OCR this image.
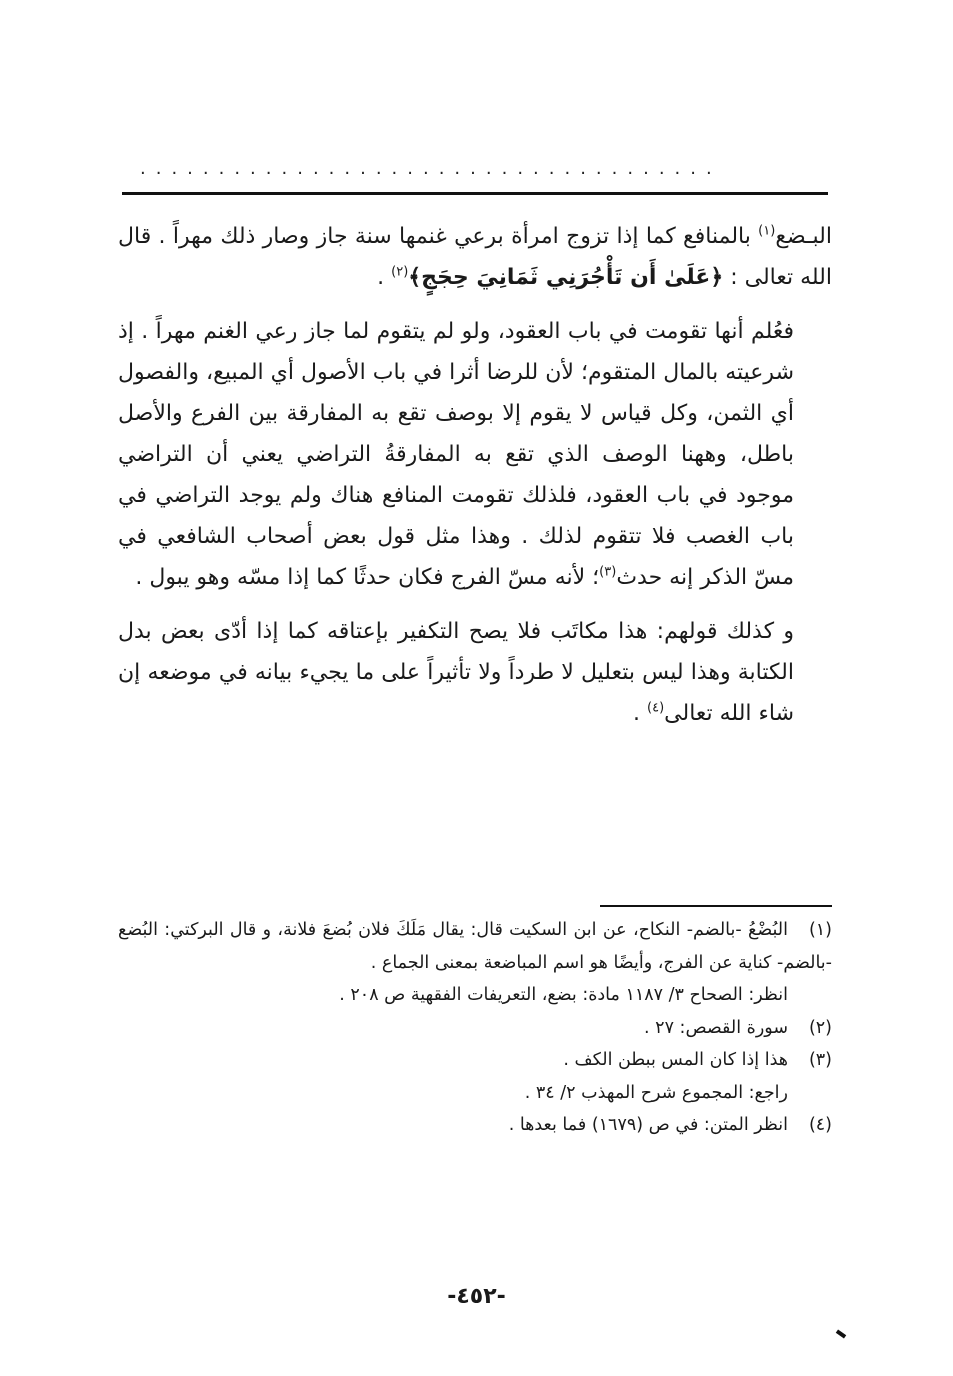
.....................................

البـضع$^{(١)}$ بالمنافع كما إذا تزوج امرأة برعي غنمها سنة جاز وصار ذلك مهراً . قال الله تعالى : ﴿عَلَىٰ أَن تَأْجُرَنِي ثَمَانِيَ حِجَجٍ﴾$^{(٢)}$ .

فعُلم أنها تقومت في باب العقود، ولو لم يتقوم لما جاز رعي الغنم مهراً . إذ شرعيته بالمال المتقوم؛ لأن للرضا أثرا في باب الأصول أي المبيع، والفصول أي الثمن، وكل قياس لا يقوم إلا بوصف تقع به المفارقة بين الفرع والأصل باطل، وههنا الوصف الذي تقع به المفارقةُ التراضي يعني أن التراضي موجود في باب العقود، فلذلك تقومت المنافع هناك ولم يوجد التراضي في باب الغصب فلا تتقوم لذلك . وهذا مثل قول بعض أصحاب الشافعي في مسّ الذكر إنه حدث$^{(٣)}$؛ لأنه مسّ الفرج فكان حدثًا كما إذا مسّه وهو يبول .

و كذلك قولهم: هذا مكاتَب فلا يصح التكفير بإعتاقه كما إذا أدّى بعض بدل الكتابة وهذا ليس بتعليل لا طرداً ولا تأثيراً على ما يجيء بيانه في موضعه إن شاء الله تعالى$^{(٤)}$ .

(١)البُضْعُ -بالضم- النكاح، عن ابن السكيت قال: يقال مَلَكَ فلان بُضعَ فلانة، و قال البركتي: البُضع -بالضم- كناية عن الفرج، وأيضًا هو اسم المباضعة بمعنى الجماع .

انظر: الصحاح ٣/ ١١٨٧ مادة: بضع، التعريفات الفقهية ص ٢٠٨ .

(٢)سورة القصص: ٢٧ .

(٣)هذا إذا كان المس ببطن الكف .

راجع: المجموع شرح المهذب ٢/ ٣٤ .

(٤)انظر المتن: في ص (١٦٧٩) فما بعدها .

-٤٥٢-
